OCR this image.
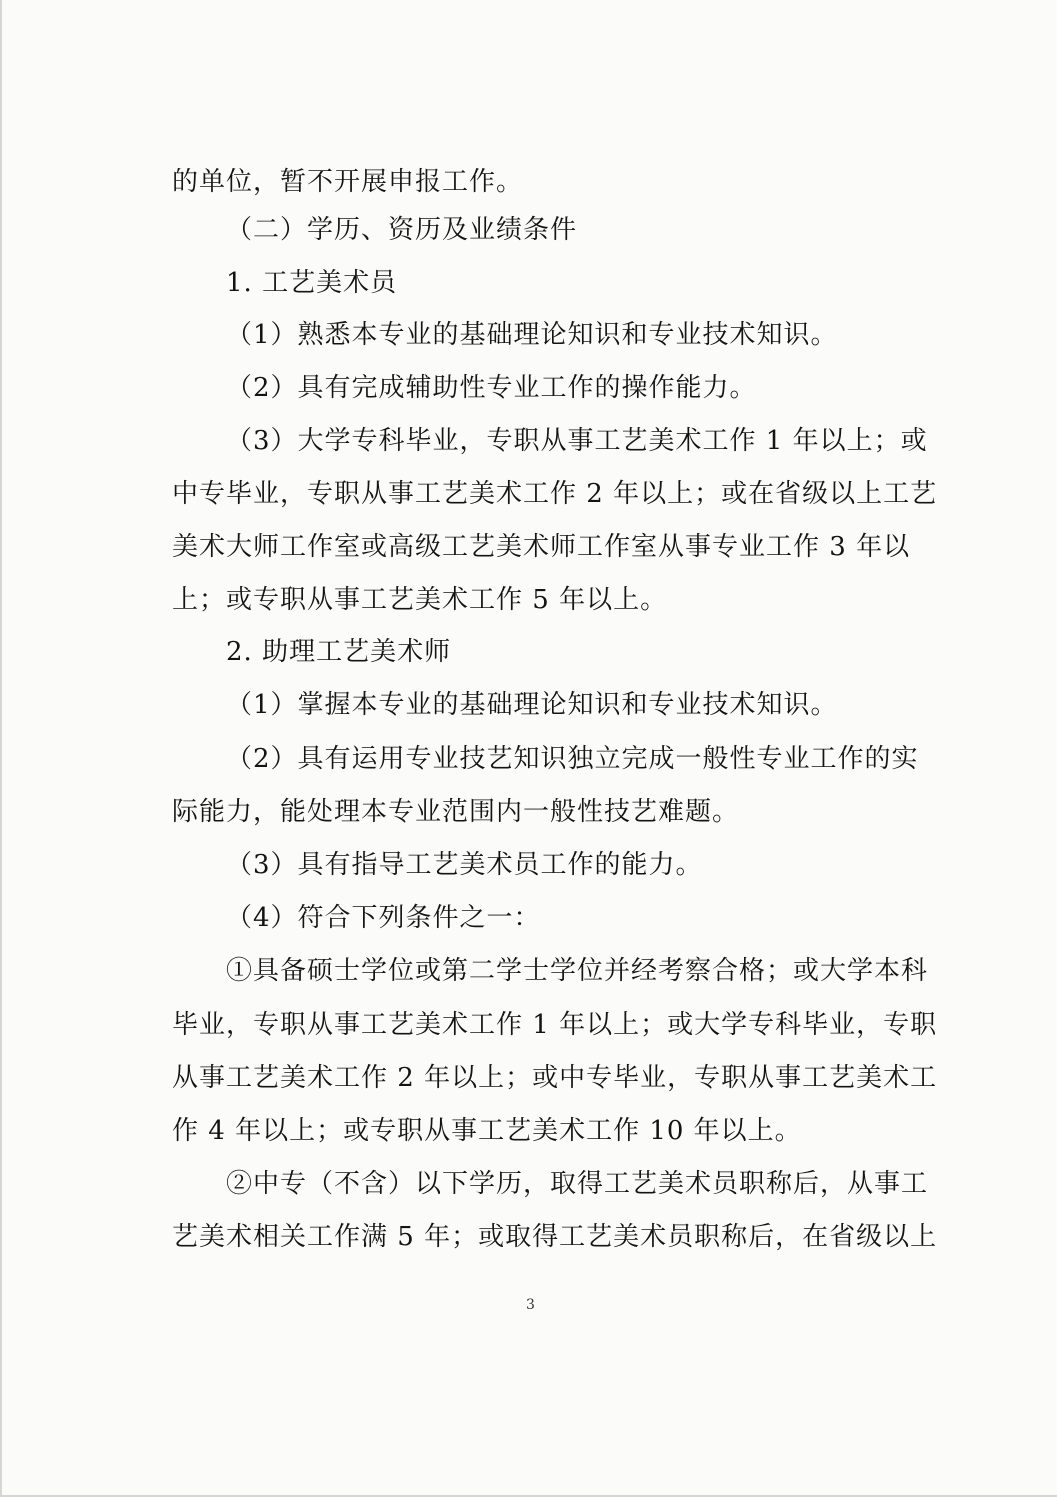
的单位，暂不开展申报工作。
（二）学历、资历及业绩条件
1. 工艺美术员
（1）熟悉本专业的基础理论知识和专业技术知识。
（2）具有完成辅助性专业工作的操作能力。
（3）大学专科毕业，专职从事工艺美术工作 1 年以上；或
中专毕业，专职从事工艺美术工作 2 年以上；或在省级以上工艺
美术大师工作室或高级工艺美术师工作室从事专业工作 3 年以
上；或专职从事工艺美术工作 5 年以上。
2. 助理工艺美术师
（1）掌握本专业的基础理论知识和专业技术知识。
（2）具有运用专业技艺知识独立完成一般性专业工作的实
际能力，能处理本专业范围内一般性技艺难题。
（3）具有指导工艺美术员工作的能力。
（4）符合下列条件之一：
①具备硕士学位或第二学士学位并经考察合格；或大学本科
毕业，专职从事工艺美术工作 1 年以上；或大学专科毕业，专职
从事工艺美术工作 2 年以上；或中专毕业，专职从事工艺美术工
作 4 年以上；或专职从事工艺美术工作 10 年以上。
②中专（不含）以下学历，取得工艺美术员职称后，从事工
艺美术相关工作满 5 年；或取得工艺美术员职称后，在省级以上
3
